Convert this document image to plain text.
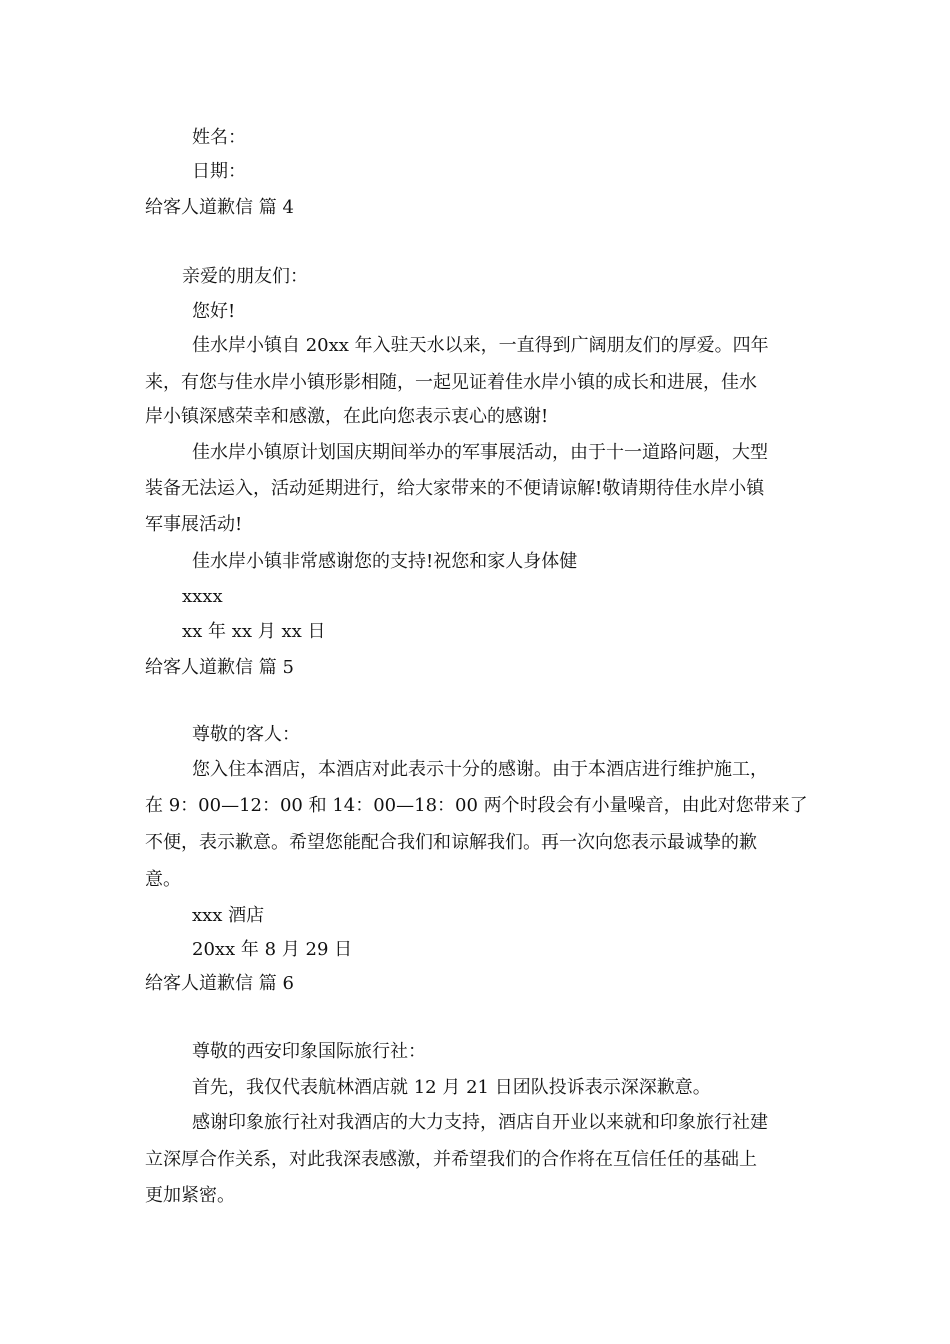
姓名：

日期：

给客人道歉信 篇 4

亲爱的朋友们：

您好!

佳水岸小镇自 20xx 年入驻天水以来，一直得到广阔朋友们的厚爱。四年

来，有您与佳水岸小镇形影相随，一起见证着佳水岸小镇的成长和进展，佳水

岸小镇深感荣幸和感激，在此向您表示衷心的感谢!

佳水岸小镇原计划国庆期间举办的军事展活动，由于十一道路问题，大型

装备无法运入，活动延期进行，给大家带来的不便请谅解!敬请期待佳水岸小镇

军事展活动!

佳水岸小镇非常感谢您的支持!祝您和家人身体健

xxxx

xx 年 xx 月 xx 日

给客人道歉信 篇 5

尊敬的客人：

您入住本酒店，本酒店对此表示十分的感谢。由于本酒店进行维护施工，

在 9：00—12：00 和 14：00—18：00 两个时段会有小量噪音，由此对您带来了

不便，表示歉意。希望您能配合我们和谅解我们。再一次向您表示最诚挚的歉

意。

xxx 酒店

20xx 年 8 月 29 日

给客人道歉信 篇 6

尊敬的西安印象国际旅行社：

首先，我仅代表航林酒店就 12 月 21 日团队投诉表示深深歉意。

感谢印象旅行社对我酒店的大力支持，酒店自开业以来就和印象旅行社建

立深厚合作关系，对此我深表感激，并希望我们的合作将在互信任任的基础上

更加紧密。
